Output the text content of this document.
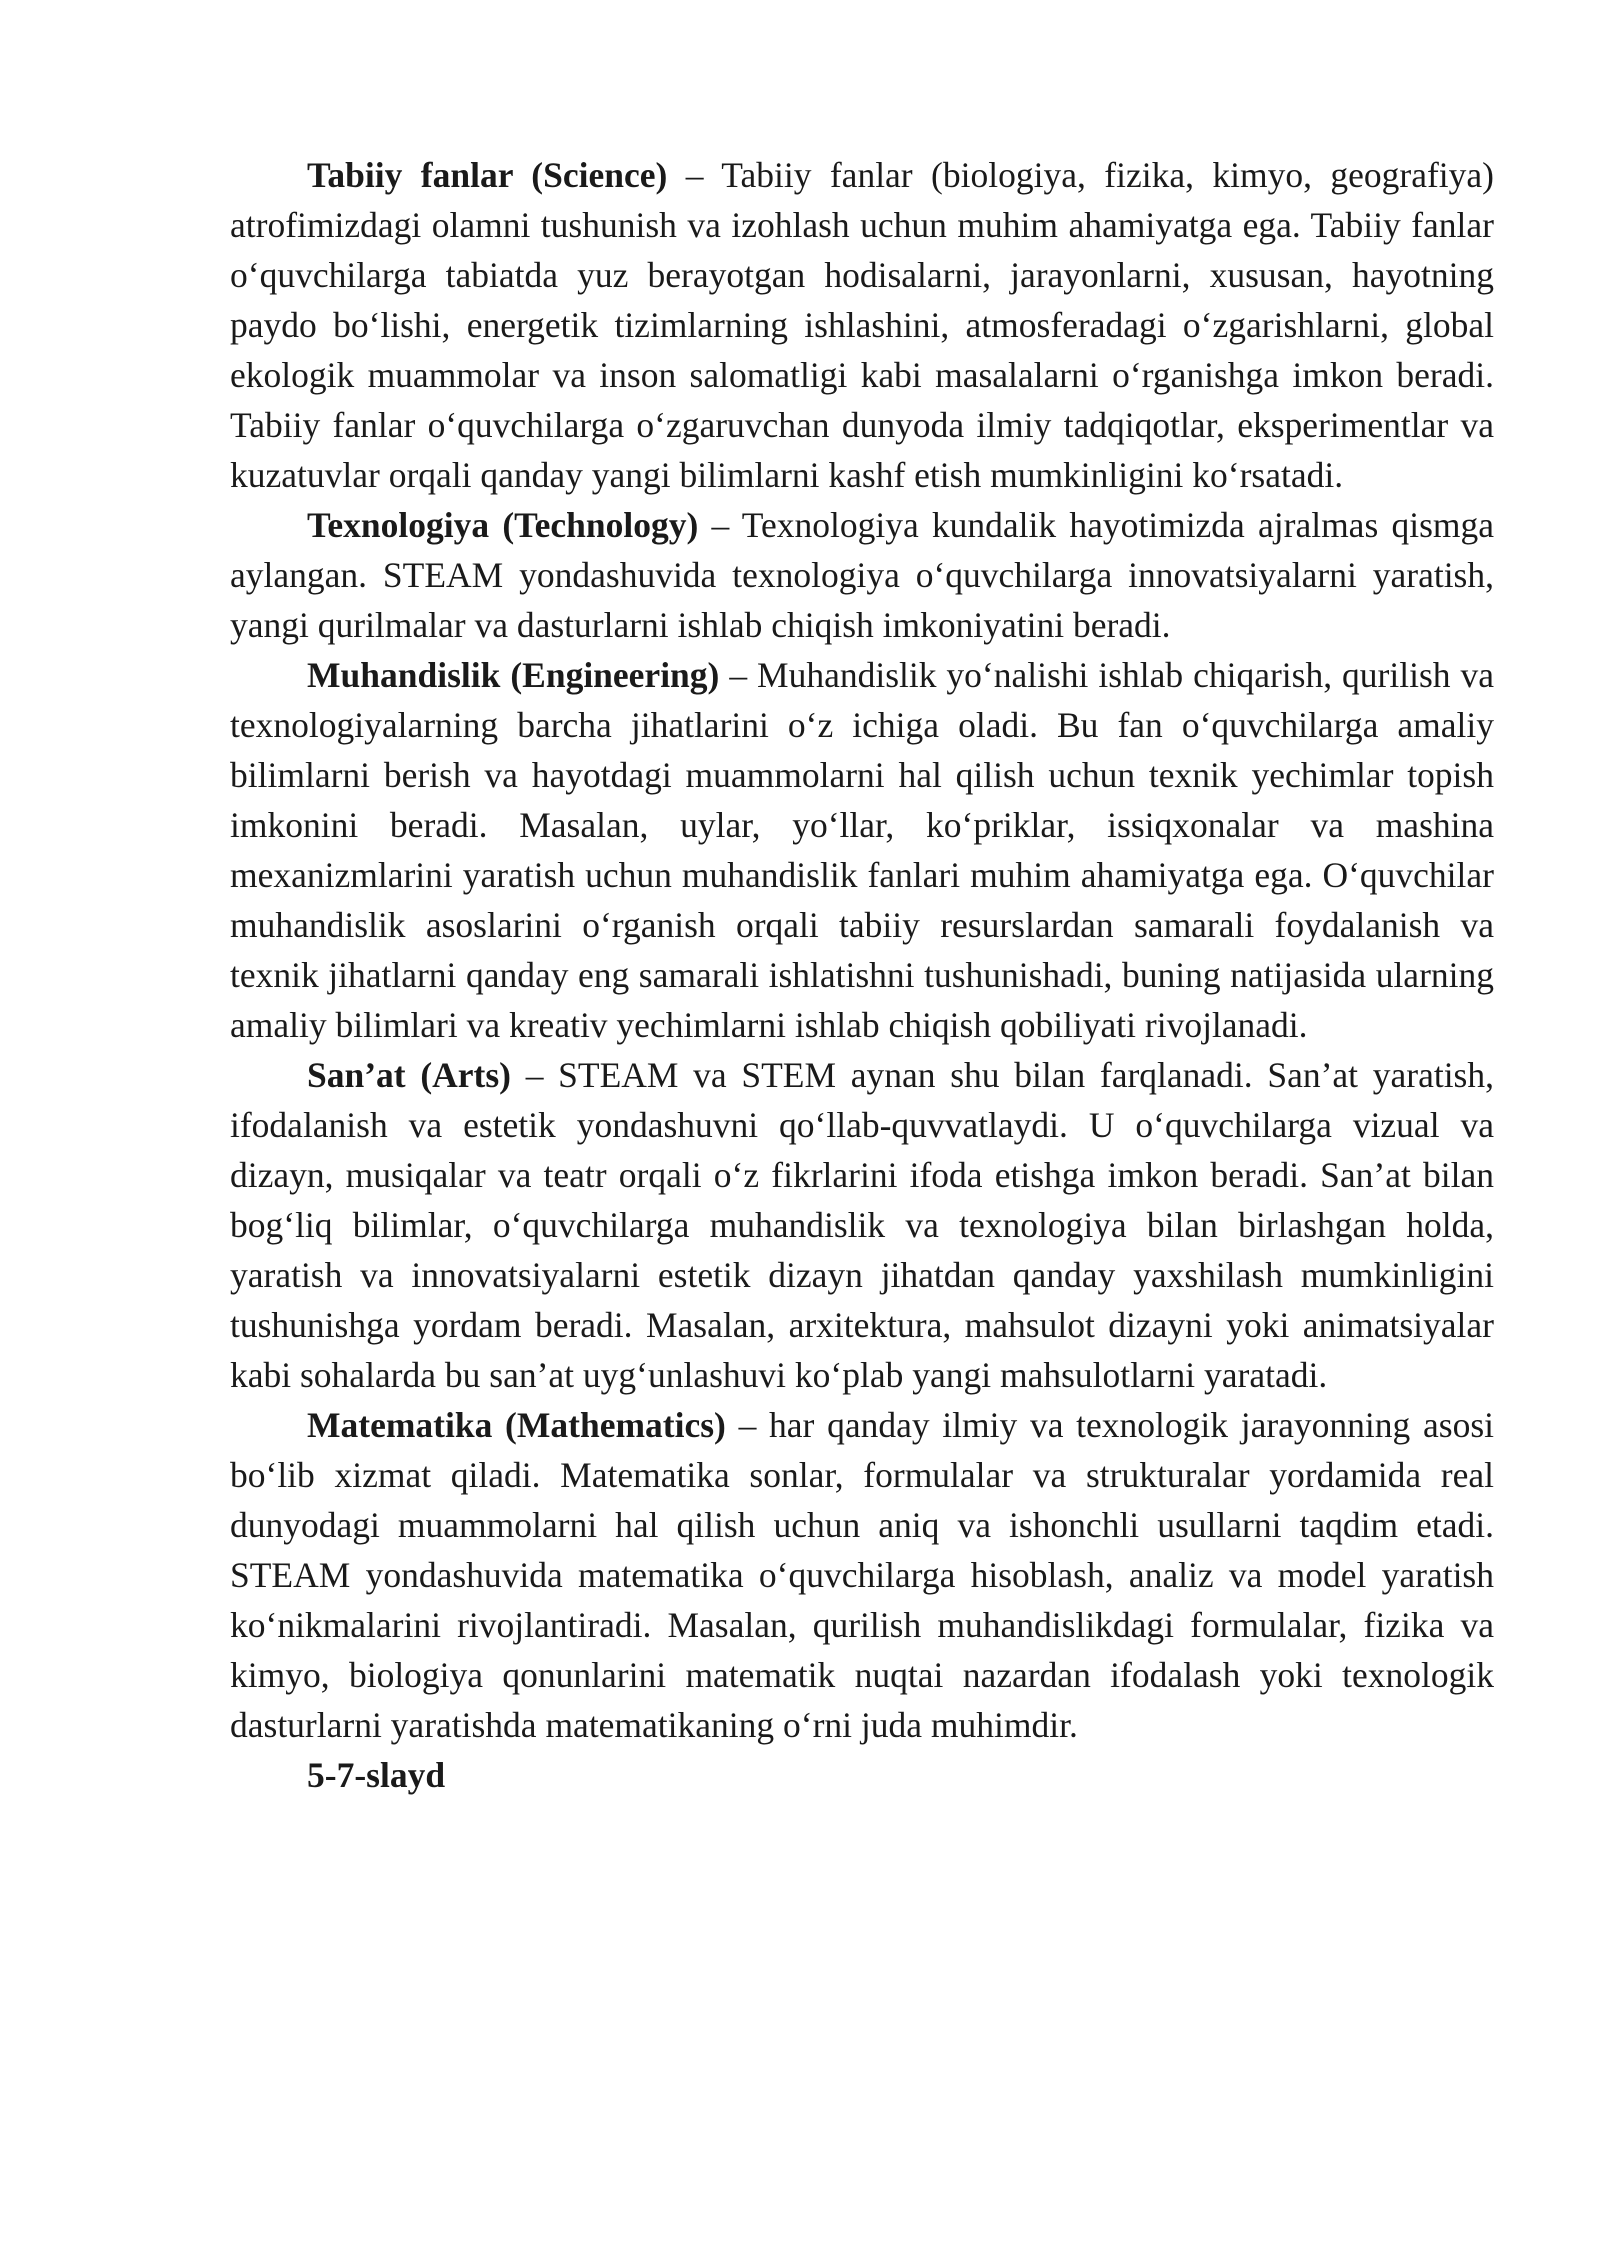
Tabiiy fanlar (Science) – Tabiiy fanlar (biologiya, fizika, kimyo, geografiya) atrofimizdagi olamni tushunish va izohlash uchun muhim ahamiyatga ega. Tabiiy fanlar o‘quvchilarga tabiatda yuz berayotgan hodisalarni, jarayonlarni, xususan, hayotning paydo bo‘lishi, energetik tizimlarning ishlashini, atmosferadagi o‘zgarishlarni, global ekologik muammolar va inson salomatligi kabi masalalarni o‘rganishga imkon beradi. Tabiiy fanlar o‘quvchilarga o‘zgaruvchan dunyoda ilmiy tadqiqotlar, eksperimentlar va kuzatuvlar orqali qanday yangi bilimlarni kashf etish mumkinligini ko‘rsatadi.

Texnologiya (Technology) – Texnologiya kundalik hayotimizda ajralmas qismga aylangan. STEAM yondashuvida texnologiya o‘quvchilarga innovatsiyalarni yaratish, yangi qurilmalar va dasturlarni ishlab chiqish imkoniyatini beradi.

Muhandislik (Engineering) – Muhandislik yo‘nalishi ishlab chiqarish, qurilish va texnologiyalarning barcha jihatlarini o‘z ichiga oladi. Bu fan o‘quvchilarga amaliy bilimlarni berish va hayotdagi muammolarni hal qilish uchun texnik yechimlar topish imkonini beradi. Masalan, uylar, yo‘llar, ko‘priklar, issiqxonalar va mashina mexanizmlarini yaratish uchun muhandislik fanlari muhim ahamiyatga ega. O‘quvchilar muhandislik asoslarini o‘rganish orqali tabiiy resurslardan samarali foydalanish va texnik jihatlarni qanday eng samarali ishlatishni tushunishadi, buning natijasida ularning amaliy bilimlari va kreativ yechimlarni ishlab chiqish qobiliyati rivojlanadi.

San’at (Arts) – STEAM va STEM aynan shu bilan farqlanadi. San’at yaratish, ifodalanish va estetik yondashuvni qo‘llab-quvvatlaydi. U o‘quvchilarga vizual va dizayn, musiqalar va teatr orqali o‘z fikrlarini ifoda etishga imkon beradi. San’at bilan bog‘liq bilimlar, o‘quvchilarga muhandislik va texnologiya bilan birlashgan holda, yaratish va innovatsiyalarni estetik dizayn jihatdan qanday yaxshilash mumkinligini tushunishga yordam beradi. Masalan, arxitektura, mahsulot dizayni yoki animatsiyalar kabi sohalarda bu san’at uyg‘unlashuvi ko‘plab yangi mahsulotlarni yaratadi.

Matematika (Mathematics) – har qanday ilmiy va texnologik jarayonning asosi bo‘lib xizmat qiladi. Matematika sonlar, formulalar va strukturalar yordamida real dunyodagi muammolarni hal qilish uchun aniq va ishonchli usullarni taqdim etadi. STEAM yondashuvida matematika o‘quvchilarga hisoblash, analiz va model yaratish ko‘nikmalarini rivojlantiradi. Masalan, qurilish muhandislikdagi formulalar, fizika va kimyo, biologiya qonunlarini matematik nuqtai nazardan ifodalash yoki texnologik dasturlarni yaratishda matematikaning o‘rni juda muhimdir.

5-7-slayd
